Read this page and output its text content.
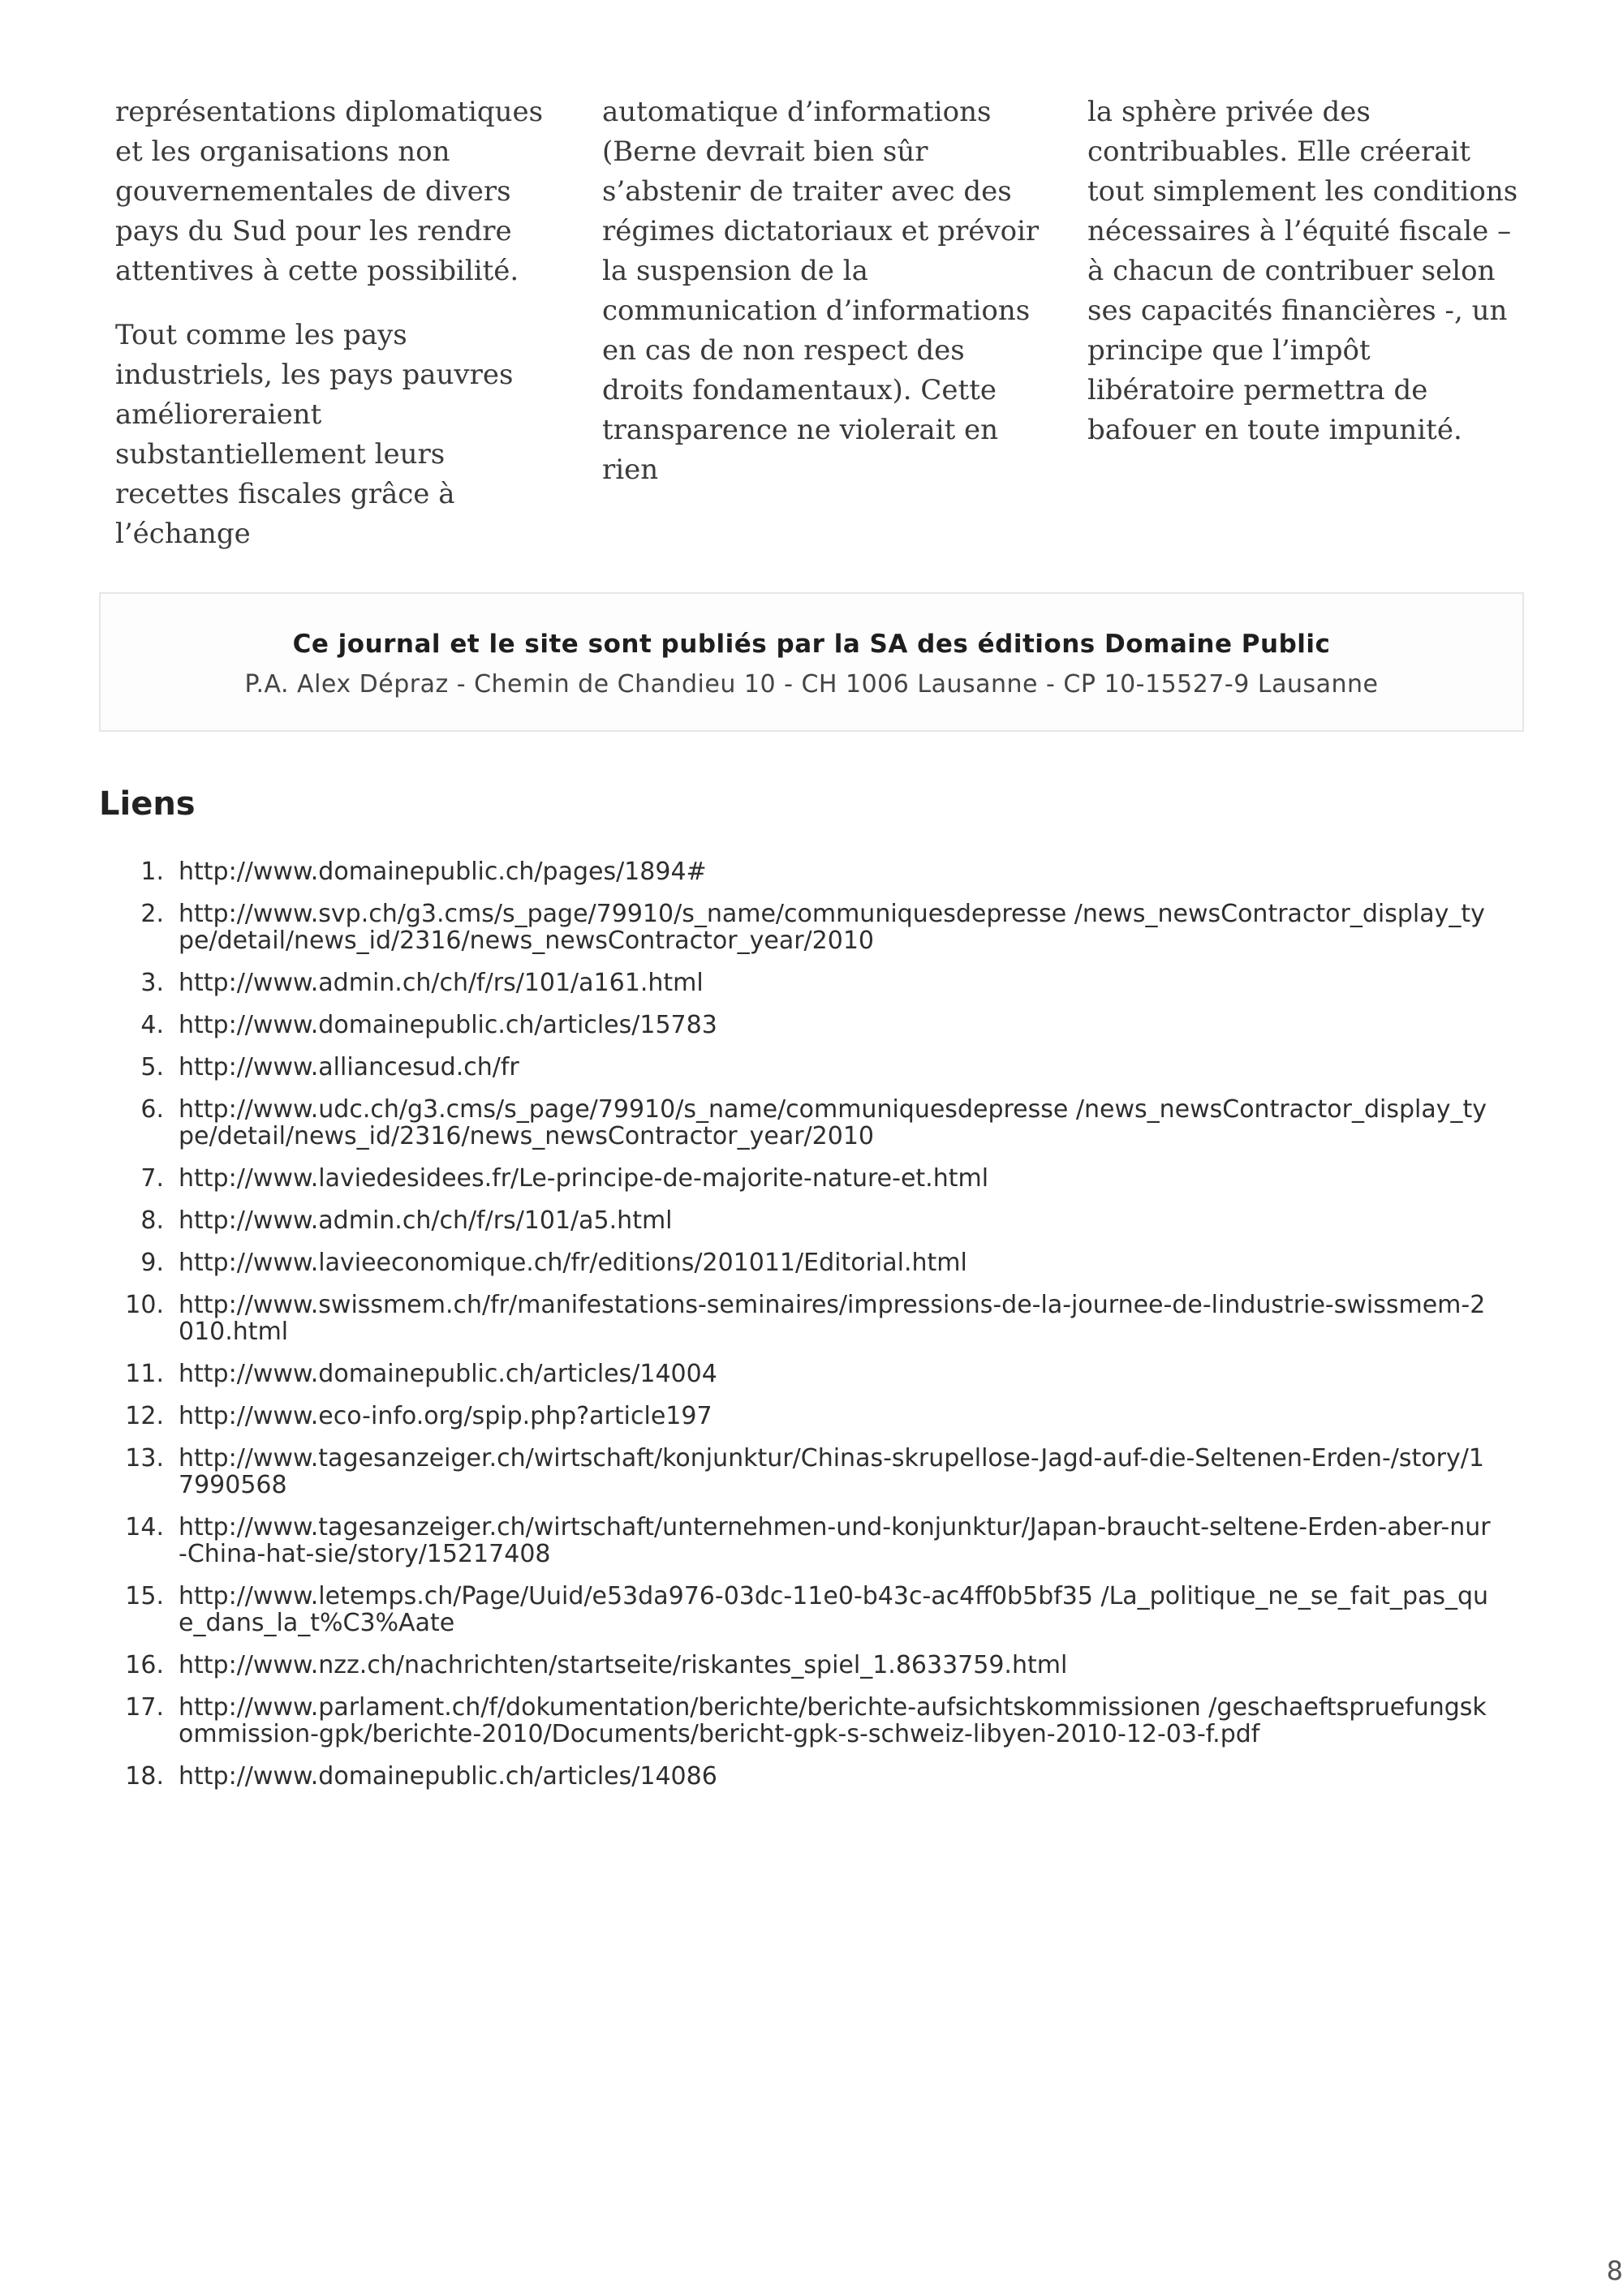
représentations diplomatiques et les organisations non gouvernementales de divers pays du Sud pour les rendre attentives à cette possibilité.

Tout comme les pays industriels, les pays pauvres amélioreraient substantiellement leurs recettes fiscales grâce à l’échange

automatique d’informations (Berne devrait bien sûr s’abstenir de traiter avec des régimes dictatoriaux et prévoir la suspension de la communication d’informations en cas de non respect des droits fondamentaux). Cette transparence ne violerait en rien

la sphère privée des contribuables. Elle créerait tout simplement les conditions nécessaires à l’équité fiscale – à chacun de contribuer selon ses capacités financières -, un principe que l’impôt libératoire permettra de bafouer en toute impunité.

Ce journal et le site sont publiés par la SA des éditions Domaine Public
P.A. Alex Dépraz - Chemin de Chandieu 10 - CH 1006 Lausanne - CP 10-15527-9 Lausanne
Liens
1. http://www.domainepublic.ch/pages/1894#
2. http://www.svp.ch/g3.cms/s_page/79910/s_name/communiquesdepresse /news_newsContractor_display_type/detail/news_id/2316/news_newsContractor_year/2010
3. http://www.admin.ch/ch/f/rs/101/a161.html
4. http://www.domainepublic.ch/articles/15783
5. http://www.alliancesud.ch/fr
6. http://www.udc.ch/g3.cms/s_page/79910/s_name/communiquesdepresse /news_newsContractor_display_type/detail/news_id/2316/news_newsContractor_year/2010
7. http://www.laviedesidees.fr/Le-principe-de-majorite-nature-et.html
8. http://www.admin.ch/ch/f/rs/101/a5.html
9. http://www.lavieeconomique.ch/fr/editions/201011/Editorial.html
10. http://www.swissmem.ch/fr/manifestations-seminaires/impressions-de-la-journee-de-lindustrie-swissmem-2010.html
11. http://www.domainepublic.ch/articles/14004
12. http://www.eco-info.org/spip.php?article197
13. http://www.tagesanzeiger.ch/wirtschaft/konjunktur/Chinas-skrupellose-Jagd-auf-die-Seltenen-Erden-/story/17990568
14. http://www.tagesanzeiger.ch/wirtschaft/unternehmen-und-konjunktur/Japan-braucht-seltene-Erden-aber-nur-China-hat-sie/story/15217408
15. http://www.letemps.ch/Page/Uuid/e53da976-03dc-11e0-b43c-ac4ff0b5bf35 /La_politique_ne_se_fait_pas_que_dans_la_t%C3%Aate
16. http://www.nzz.ch/nachrichten/startseite/riskantes_spiel_1.8633759.html
17. http://www.parlament.ch/f/dokumentation/berichte/berichte-aufsichtskommissionen /geschaeftspruefungskommission-gpk/berichte-2010/Documents/bericht-gpk-s-schweiz-libyen-2010-12-03-f.pdf
18. http://www.domainepublic.ch/articles/14086
8
